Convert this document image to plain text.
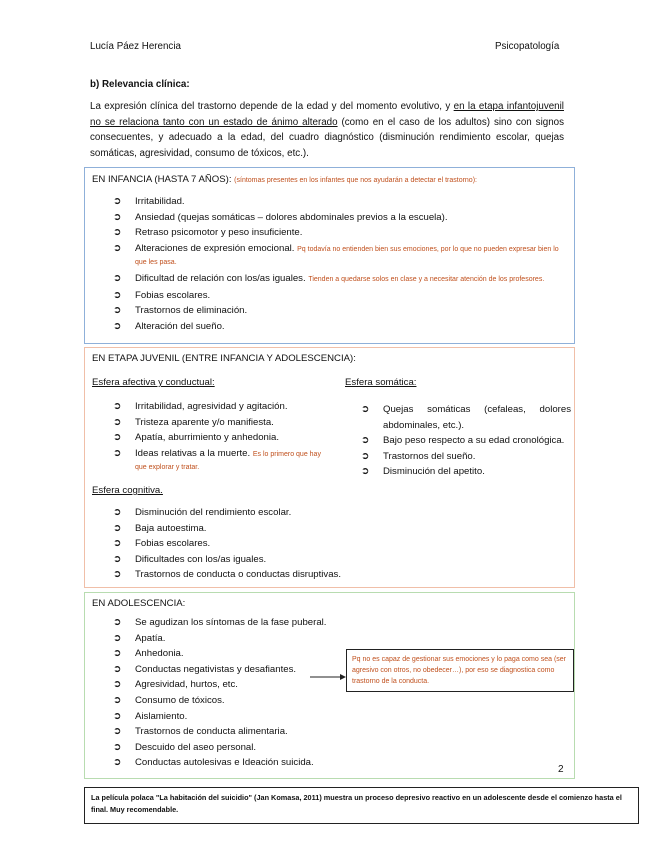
Lucía Páez Herencia	Psicopatología
b) Relevancia clínica:
La expresión clínica del trastorno depende de la edad y del momento evolutivo, y en la etapa infantojuvenil no se relaciona tanto con un estado de ánimo alterado (como en el caso de los adultos) sino con signos consecuentes, y adecuado a la edad, del cuadro diagnóstico (disminución rendimiento escolar, quejas somáticas, agresividad, consumo de tóxicos, etc.).
EN INFANCIA (HASTA 7 AÑOS): (síntomas presentes en los infantes que nos ayudarán a detectar el trastorno):
➲ Irritabilidad.
➲ Ansiedad (quejas somáticas – dolores abdominales previos a la escuela).
➲ Retraso psicomotor y peso insuficiente.
➲ Alteraciones de expresión emocional. Pq todavía no entienden bien sus emociones, por lo que no pueden expresar bien lo que les pasa.
➲ Dificultad de relación con los/as iguales. Tienden a quedarse solos en clase y a necesitar atención de los profesores.
➲ Fobias escolares.
➲ Trastornos de eliminación.
➲ Alteración del sueño.
EN ETAPA JUVENIL (ENTRE INFANCIA Y ADOLESCENCIA):
Esfera afectiva y conductual:
➲ Irritabilidad, agresividad y agitación.
➲ Tristeza aparente y/o manifiesta.
➲ Apatía, aburrimiento y anhedonia.
➲ Ideas relativas a la muerte. Es lo primero que hay que explorar y tratar.
Esfera somática:
➲ Quejas somáticas (cefaleas, dolores abdominales, etc.).
➲ Bajo peso respecto a su edad cronológica.
➲ Trastornos del sueño.
➲ Disminución del apetito.
Esfera cognitiva.
➲ Disminución del rendimiento escolar.
➲ Baja autoestima.
➲ Fobias escolares.
➲ Dificultades con los/as iguales.
➲ Trastornos de conducta o conductas disruptivas.
EN ADOLESCENCIA:
➲ Se agudizan los síntomas de la fase puberal.
➲ Apatía.
➲ Anhedonia.
➲ Conductas negativistas y desafiantes.
➲ Agresividad, hurtos, etc.
➲ Consumo de tóxicos.
➲ Aislamiento.
➲ Trastornos de conducta alimentaria.
➲ Descuido del aseo personal.
➲ Conductas autolesivas e Ideación suicida.
Pq no es capaz de gestionar sus emociones y lo paga como sea (ser agresivo con otros, no obedecer…), por eso se diagnostica como trastorno de la conducta.
2
La película polaca "La habitación del suicidio" (Jan Komasa, 2011) muestra un proceso depresivo reactivo en un adolescente desde el comienzo hasta el final. Muy recomendable.
